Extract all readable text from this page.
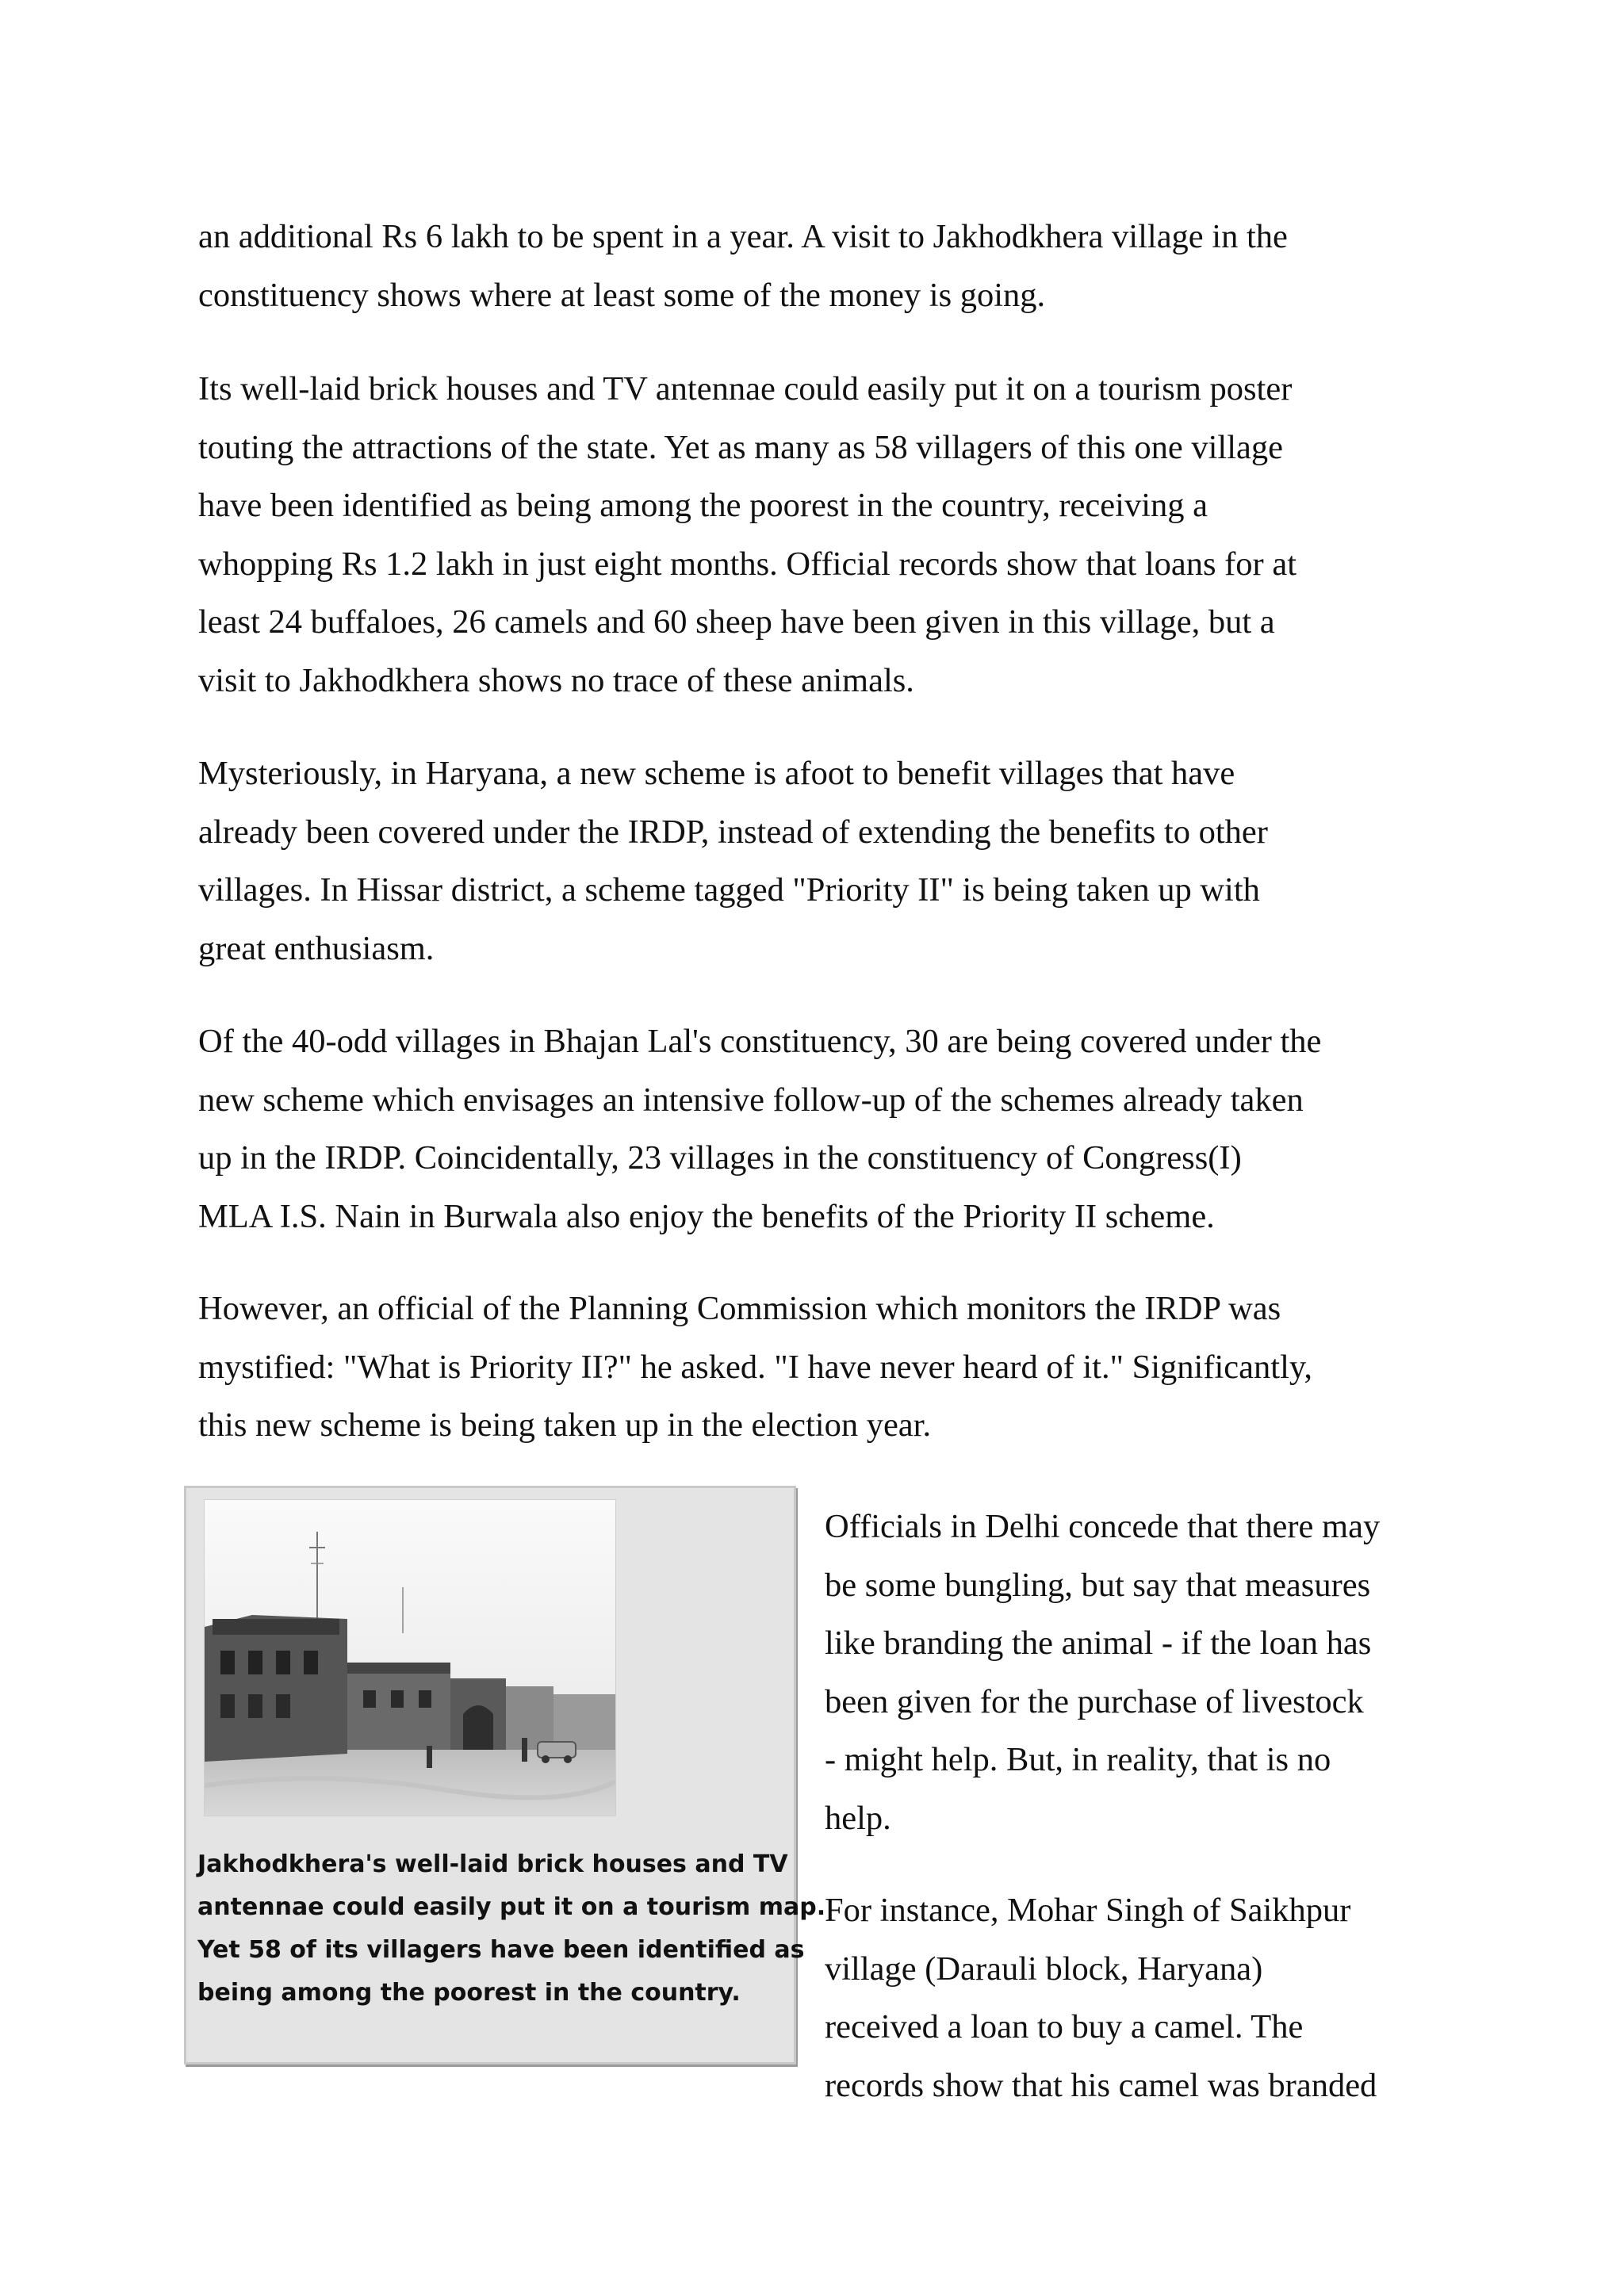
an additional Rs 6 lakh to be spent in a year. A visit to Jakhodkhera village in the
constituency shows where at least some of the money is going.

Its well-laid brick houses and TV antennae could easily put it on a tourism poster
touting the attractions of the state. Yet as many as 58 villagers of this one village
have been identified as being among the poorest in the country, receiving a
whopping Rs 1.2 lakh in just eight months. Official records show that loans for at
least 24 buffaloes, 26 camels and 60 sheep have been given in this village, but a
visit to Jakhodkhera shows no trace of these animals.

Mysteriously, in Haryana, a new scheme is afoot to benefit villages that have
already been covered under the IRDP, instead of extending the benefits to other
villages. In Hissar district, a scheme tagged "Priority II" is being taken up with
great enthusiasm.

Of the 40-odd villages in Bhajan Lal's constituency, 30 are being covered under the
new scheme which envisages an intensive follow-up of the schemes already taken
up in the IRDP. Coincidentally, 23 villages in the constituency of Congress(I)
MLA I.S. Nain in Burwala also enjoy the benefits of the Priority II scheme.

However, an official of the Planning Commission which monitors the IRDP was
mystified: "What is Priority II?" he asked. "I have never heard of it." Significantly,
this new scheme is being taken up in the election year.

Jakhodkhera's well-laid brick houses and TV
antennae could easily put it on a tourism map.
Yet 58 of its villagers have been identified as
being among the poorest in the country.

Officials in Delhi concede that there may
be some bungling, but say that measures
like branding the animal - if the loan has
been given for the purchase of livestock
- might help. But, in reality, that is no
help.

For instance, Mohar Singh of Saikhpur
village (Darauli block, Haryana)
received a loan to buy a camel. The
records show that his camel was branded
